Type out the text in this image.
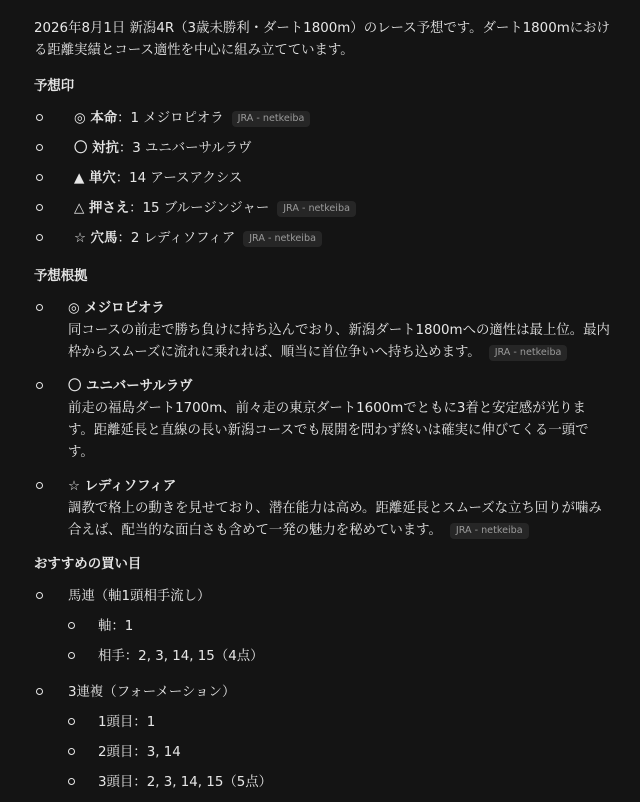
2026年8月1日 新潟4R（3歳未勝利・ダート1800m）のレース予想です。ダート1800mにおける距離実績とコース適性を中心に組み立てています。

予想印
◎ 本命：1 メジロピオラ JRA - netkeiba
〇 対抗：3 ユニバーサルラヴ
▲ 単穴：14 アースアクシス
△ 押さえ：15 ブルージンジャー JRA - netkeiba
☆ 穴馬：2 レディソフィア JRA - netkeiba
予想根拠
◎ メジロピオラ
同コースの前走で勝ち負けに持ち込んでおり、新潟ダート1800mへの適性は最上位。最内枠からスムーズに流れに乗れれば、順当に首位争いへ持ち込めます。 JRA - netkeiba
〇 ユニバーサルラヴ
前走の福島ダート1700m、前々走の東京ダート1600mでともに3着と安定感が光ります。距離延長と直線の長い新潟コースでも展開を問わず終いは確実に伸びてくる一頭です。
☆ レディソフィア
調教で格上の動きを見せており、潜在能力は高め。距離延長とスムーズな立ち回りが噛み合えば、配当的な面白さも含めて一発の魅力を秘めています。 JRA - netkeiba
おすすめの買い目
馬連（軸1頭相手流し）
軸：1
相手：2, 3, 14, 15（4点）
3連複（フォーメーション）
1頭目：1
2頭目：3, 14
3頭目：2, 3, 14, 15（5点）
